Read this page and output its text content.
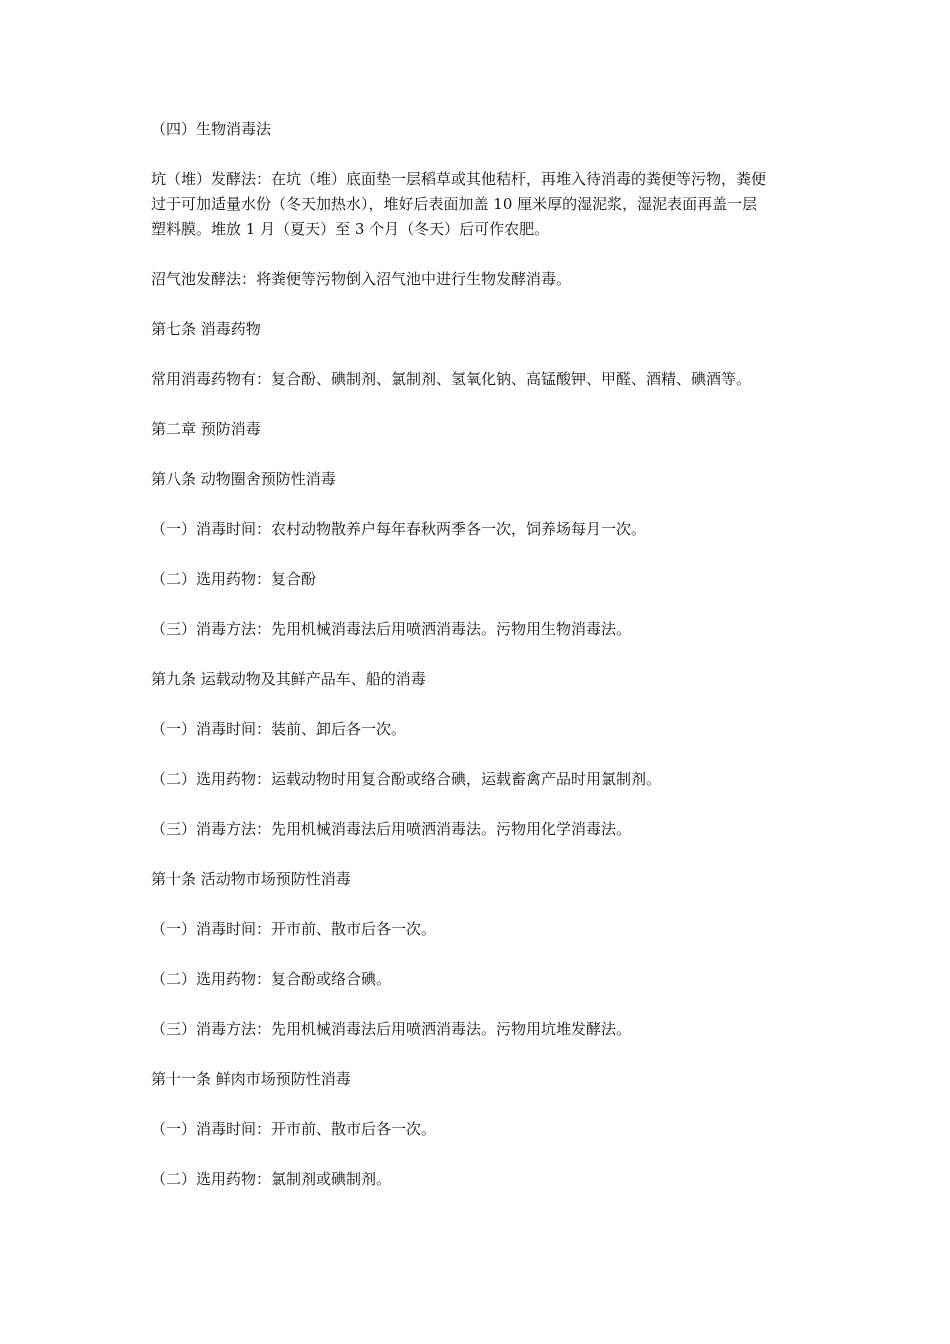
（四）生物消毒法

坑（堆）发酵法：在坑（堆）底面垫一层稻草或其他秸杆，再堆入待消毒的粪便等污物，粪便
过于可加适量水份（冬天加热水），堆好后表面加盖 10 厘米厚的湿泥浆，湿泥表面再盖一层
塑料膜。堆放 1 月（夏天）至 3 个月（冬天）后可作农肥。

沼气池发酵法：将粪便等污物倒入沼气池中进行生物发酵消毒。

第七条 消毒药物

常用消毒药物有：复合酚、碘制剂、氯制剂、氢氧化钠、高锰酸钾、甲醛、酒精、碘酒等。

第二章 预防消毒

第八条 动物圈舍预防性消毒

（一）消毒时间：农村动物散养户每年春秋两季各一次，饲养场每月一次。

（二）选用药物：复合酚

（三）消毒方法：先用机械消毒法后用喷洒消毒法。污物用生物消毒法。

第九条 运载动物及其鲜产品车、船的消毒

（一）消毒时间：装前、卸后各一次。

（二）选用药物：运载动物时用复合酚或络合碘，运载畜禽产品时用氯制剂。

（三）消毒方法：先用机械消毒法后用喷洒消毒法。污物用化学消毒法。

第十条 活动物市场预防性消毒

（一）消毒时间：开市前、散市后各一次。

（二）选用药物：复合酚或络合碘。

（三）消毒方法：先用机械消毒法后用喷洒消毒法。污物用坑堆发酵法。

第十一条 鲜肉市场预防性消毒

（一）消毒时间：开市前、散市后各一次。

（二）选用药物：氯制剂或碘制剂。
